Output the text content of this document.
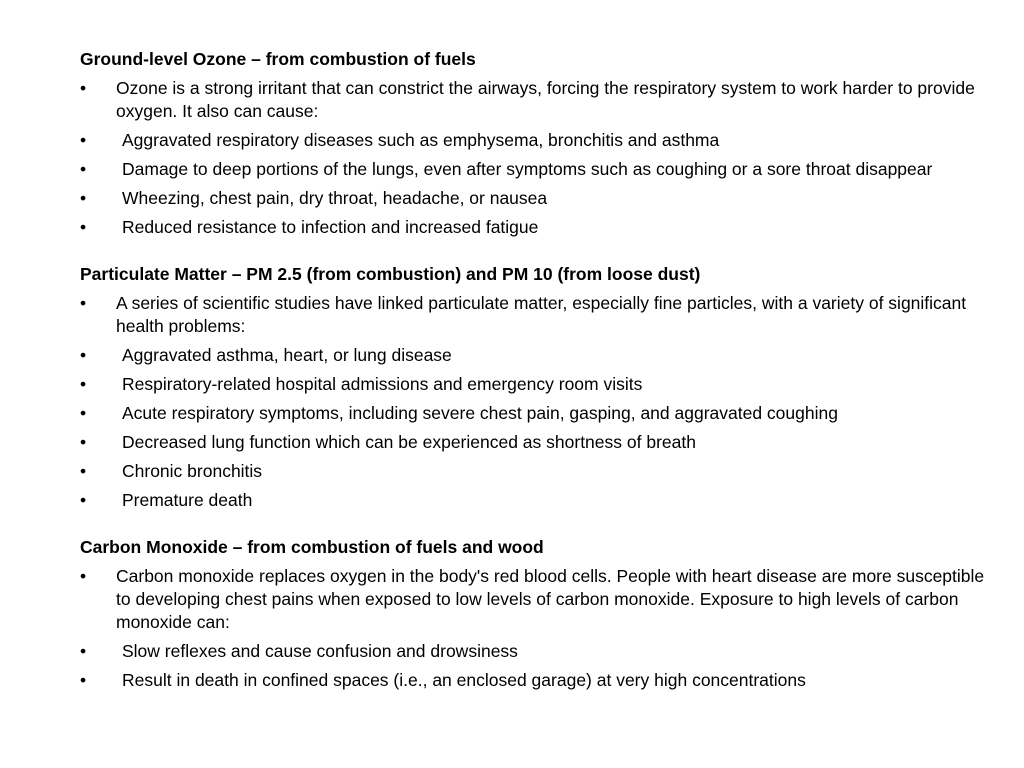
Ground-level Ozone – from combustion of fuels
• Ozone is a strong irritant that can constrict the airways, forcing the respiratory system to work harder to provide oxygen. It also can cause:
• Aggravated respiratory diseases such as emphysema, bronchitis and asthma
• Damage to deep portions of the lungs, even after symptoms such as coughing or a sore throat disappear
• Wheezing, chest pain, dry throat, headache, or nausea
• Reduced resistance to infection and increased fatigue
Particulate Matter – PM 2.5 (from combustion) and PM 10 (from loose dust)
• A series of scientific studies have linked particulate matter, especially fine particles, with a variety of significant health problems:
• Aggravated asthma, heart, or lung disease
• Respiratory-related hospital admissions and emergency room visits
• Acute respiratory symptoms, including severe chest pain, gasping, and aggravated coughing
• Decreased lung function which can be experienced as shortness of breath
• Chronic bronchitis
• Premature death
Carbon Monoxide – from combustion of fuels and wood
• Carbon monoxide replaces oxygen in the body's red blood cells. People with heart disease are more susceptible to developing chest pains when exposed to low levels of carbon monoxide. Exposure to high levels of carbon monoxide can:
• Slow reflexes and cause confusion and drowsiness
• Result in death in confined spaces (i.e., an enclosed garage) at very high concentrations
